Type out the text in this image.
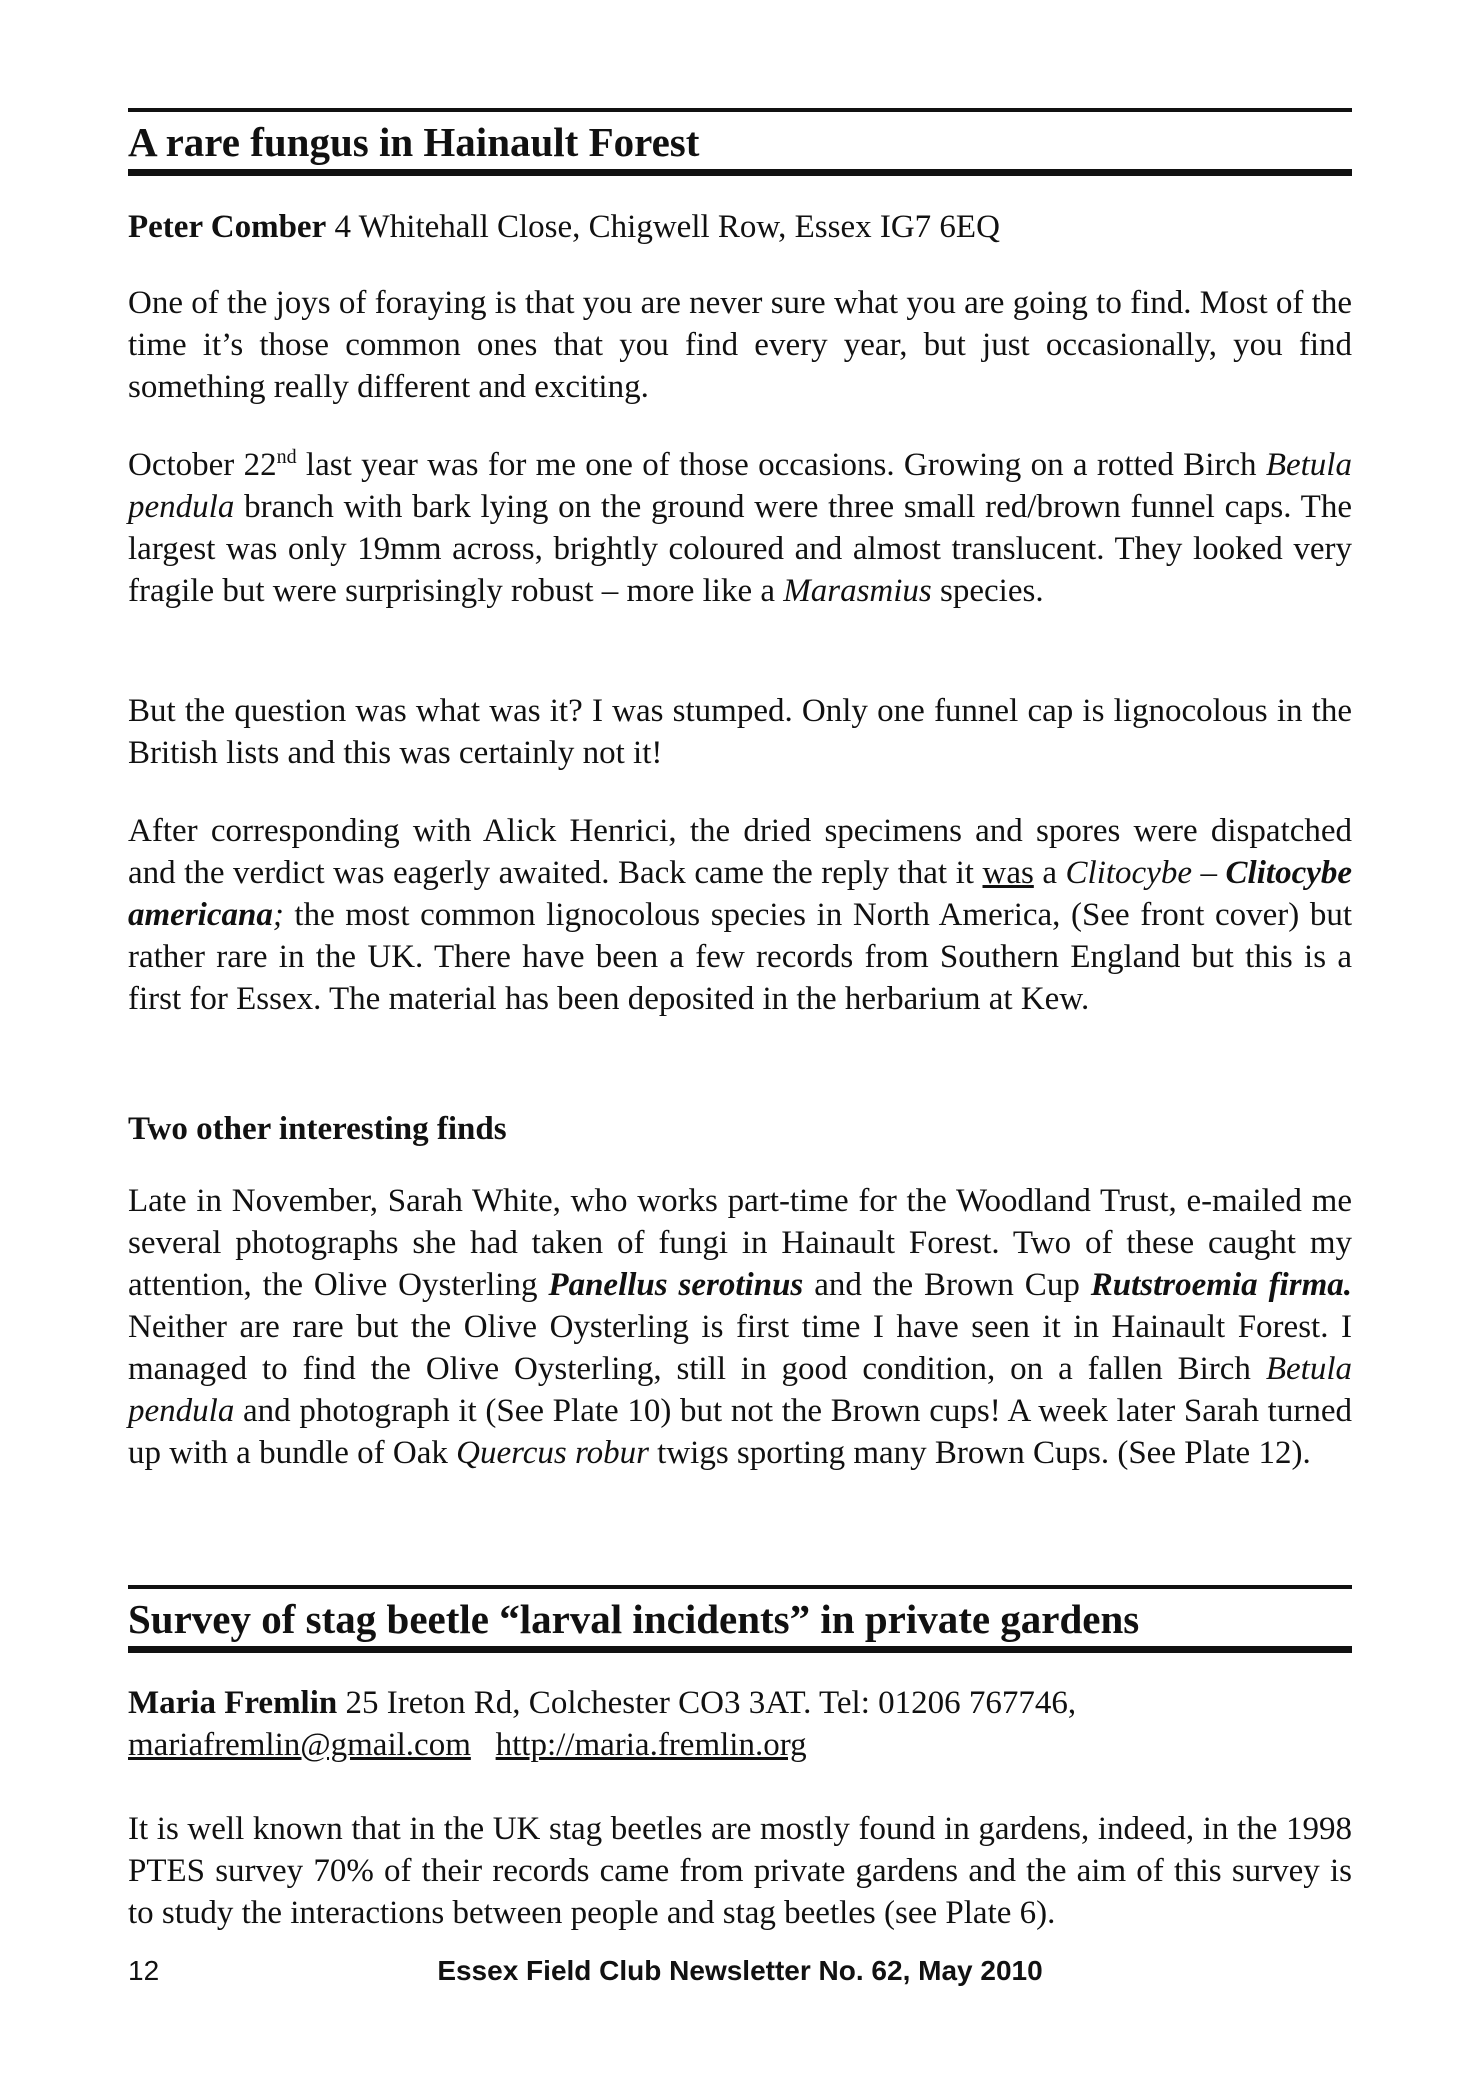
A rare fungus in Hainault Forest

Peter Comber 4 Whitehall Close, Chigwell Row, Essex IG7 6EQ

One of the joys of foraying is that you are never sure what you are going to find. Most of the time it’s those common ones that you find every year, but just occasionally, you find something really different and exciting.

October 22nd last year was for me one of those occasions. Growing on a rotted Birch Betula pendula branch with bark lying on the ground were three small red/brown funnel caps. The largest was only 19mm across, brightly coloured and almost translucent. They looked very fragile but were surprisingly robust – more like a Marasmius species.

But the question was what was it? I was stumped. Only one funnel cap is lignocolous in the British lists and this was certainly not it!

After corresponding with Alick Henrici, the dried specimens and spores were dispatched and the verdict was eagerly awaited. Back came the reply that it was a Clitocybe – Clitocybe americana; the most common lignocolous species in North America, (See front cover) but rather rare in the UK. There have been a few records from Southern England but this is a first for Essex. The material has been deposited in the herbarium at Kew.

Two other interesting finds

Late in November, Sarah White, who works part-time for the Woodland Trust, e-mailed me several photographs she had taken of fungi in Hainault Forest. Two of these caught my attention, the Olive Oysterling Panellus serotinus and the Brown Cup Rutstroemia firma. Neither are rare but the Olive Oysterling is first time I have seen it in Hainault Forest. I managed to find the Olive Oysterling, still in good condition, on a fallen Birch Betula pendula and photograph it (See Plate 10) but not the Brown cups! A week later Sarah turned up with a bundle of Oak Quercus robur twigs sporting many Brown Cups. (See Plate 12).

Survey of stag beetle “larval incidents” in private gardens

Maria Fremlin 25 Ireton Rd, Colchester CO3 3AT. Tel: 01206 767746,
mariafremlin@gmail.com http://maria.fremlin.org

It is well known that in the UK stag beetles are mostly found in gardens, indeed, in the 1998 PTES survey 70% of their records came from private gardens and the aim of this survey is to study the interactions between people and stag beetles (see Plate 6).

12	Essex Field Club Newsletter No. 62, May 2010
